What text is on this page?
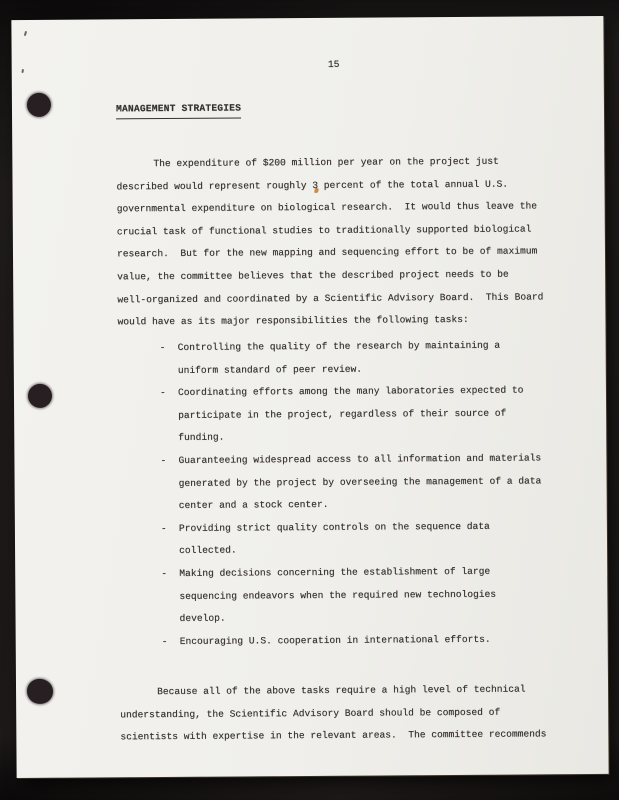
15
MANAGEMENT STRATEGIES
The expenditure of $200 million per year on the project just
described would represent roughly 3 percent of the total annual U.S.
governmental expenditure on biological research.  It would thus leave the
crucial task of functional studies to traditionally supported biological
research.  But for the new mapping and sequencing effort to be of maximum
value, the committee believes that the described project needs to be
well-organized and coordinated by a Scientific Advisory Board.  This Board
would have as its major responsibilities the following tasks:
-	Controlling the quality of the research by maintaining a
uniform standard of peer review.
-	Coordinating efforts among the many laboratories expected to
participate in the project, regardless of their source of
funding.
-	Guaranteeing widespread access to all information and materials
generated by the project by overseeing the management of a data
center and a stock center.
-	Providing strict quality controls on the sequence data
collected.
-	Making decisions concerning the establishment of large
sequencing endeavors when the required new technologies
develop.
-	Encouraging U.S. cooperation in international efforts.
Because all of the above tasks require a high level of technical
understanding, the Scientific Advisory Board should be composed of
scientists with expertise in the relevant areas.  The committee recommends
